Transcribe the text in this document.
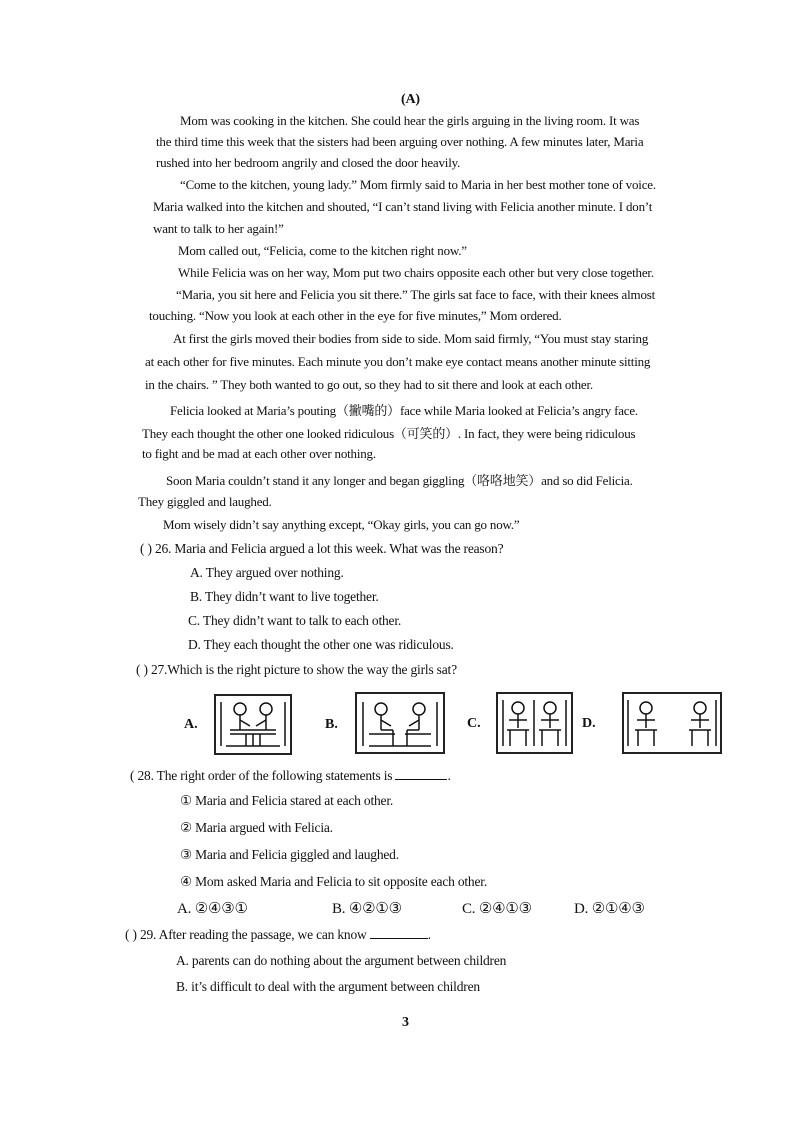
(A)
Mom was cooking in the kitchen. She could hear the girls arguing in the living room. It was
the third time this week that the sisters had been arguing over nothing. A few minutes later, Maria
rushed into her bedroom angrily and closed the door heavily.
“Come to the kitchen, young lady.” Mom firmly said to Maria in her best mother tone of voice.
Maria walked into the kitchen and shouted, “I can’t stand living with Felicia another minute. I don’t
want to talk to her again!”
Mom called out, “Felicia, come to the kitchen right now.”
While Felicia was on her way, Mom put two chairs opposite each other but very close together.
“Maria, you sit here and Felicia you sit there.” The girls sat face to face, with their knees almost
touching. “Now you look at each other in the eye for five minutes,” Mom ordered.
At first the girls moved their bodies from side to side. Mom said firmly, “You must stay staring
at each other for five minutes. Each minute you don’t make eye contact means another minute sitting
in the chairs. ” They both wanted to go out, so they had to sit there and look at each other.
Felicia looked at Maria’s pouting（撇嘴的）face while Maria looked at Felicia’s angry face.
They each thought the other one looked ridiculous（可笑的）. In fact, they were being ridiculous
to fight and be mad at each other over nothing.
Soon Maria couldn’t stand it any longer and began giggling（咯咯地笑）and so did Felicia.
They giggled and laughed.
Mom wisely didn’t say anything except, “Okay girls, you can go now.”
( ) 26. Maria and Felicia argued a lot this week. What was the reason?
A. They argued over nothing.
B. They didn’t want to live together.
C. They didn’t want to talk to each other.
D. They each thought the other one was ridiculous.
( ) 27.Which is the right picture to show the way the girls sat?
A.	B.	C.	D.
( 28. The right order of the following statements is	.
① Maria and Felicia stared at each other.
② Maria argued with Felicia.
③ Maria and Felicia giggled and laughed.
④ Mom asked Maria and Felicia to sit opposite each other.
A. ②④③①	B. ④②①③	C. ②④①③	D. ②①④③
( ) 29. After reading the passage, we can know	.
A. parents can do nothing about the argument between children
B. it’s difficult to deal with the argument between children
3
